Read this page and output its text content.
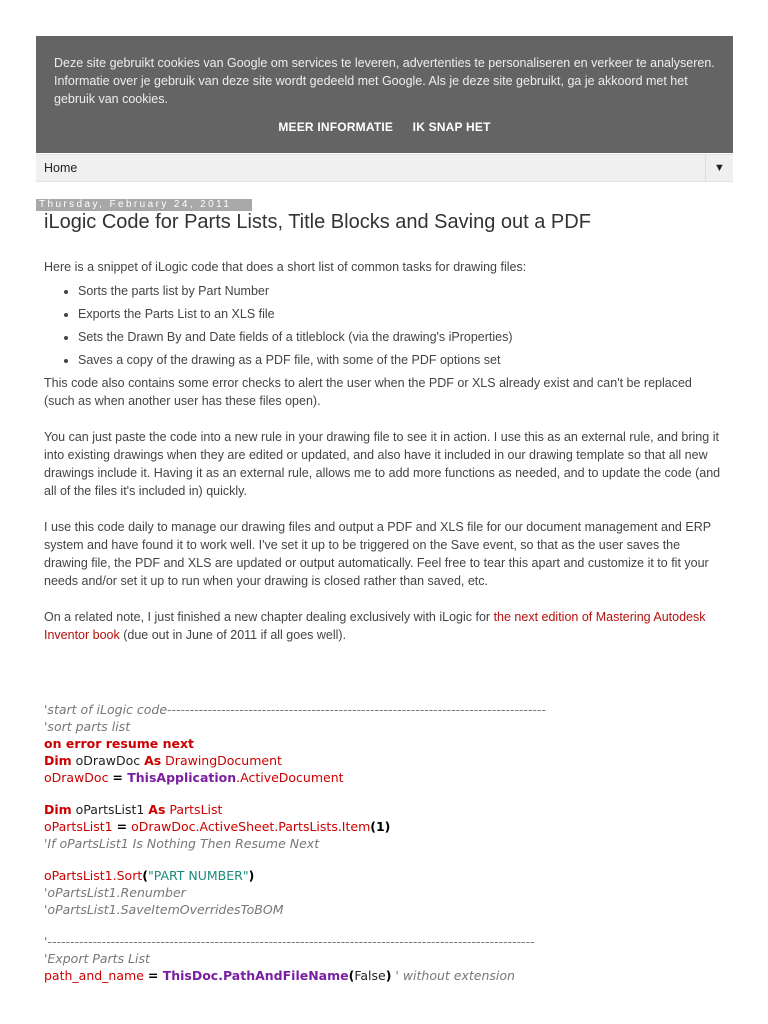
Deze site gebruikt cookies van Google om services te leveren, advertenties te personaliseren en verkeer te analyseren. Informatie over je gebruik van deze site wordt gedeeld met Google. Als je deze site gebruikt, ga je akkoord met het gebruik van cookies.
MEER INFORMATIE IK SNAP HET
Home	▼
Thursday, February 24, 2011
iLogic Code for Parts Lists, Title Blocks and Saving out a PDF

Here is a snippet of iLogic code that does a short list of common tasks for drawing files:

• Sorts the parts list by Part Number
• Exports the Parts List to an XLS file
• Sets the Drawn By and Date fields of a titleblock (via the drawing's iProperties)
• Saves a copy of the drawing as a PDF file, with some of the PDF options set

This code also contains some error checks to alert the user when the PDF or XLS already exist and can't be replaced (such as when another user has these files open).

You can just paste the code into a new rule in your drawing file to see it in action. I use this as an external rule, and bring it into existing drawings when they are edited or updated, and also have it included in our drawing template so that all new drawings include it. Having it as an external rule, allows me to add more functions as needed, and to update the code (and all of the files it's included in) quickly.

I use this code daily to manage our drawing files and output a PDF and XLS file for our document management and ERP system and have found it to work well. I've set it up to be triggered on the Save event, so that as the user saves the drawing file, the PDF and XLS are updated or output automatically. Feel free to tear this apart and customize it to fit your needs and/or set it up to run when your drawing is closed rather than saved, etc.

On a related note, I just finished a new chapter dealing exclusively with iLogic for the next edition of Mastering Autodesk Inventor book (due out in June of 2011 if all goes well).

'start of iLogic code------------------------------------------------------------------------------------
'sort parts list
on error resume next
Dim oDrawDoc As DrawingDocument
oDrawDoc = ThisApplication.ActiveDocument
Dim oPartsList1 As PartsList
oPartsList1 = oDrawDoc.ActiveSheet.PartsLists.Item(1)
'If oPartsList1 Is Nothing Then Resume Next
oPartsList1.Sort("PART NUMBER")
'oPartsList1.Renumber
'oPartsList1.SaveItemOverridesToBOM
'------------------------------------------------------------------------------------------------------------
'Export Parts List
path_and_name = ThisDoc.PathAndFileName(False) ' without extension
